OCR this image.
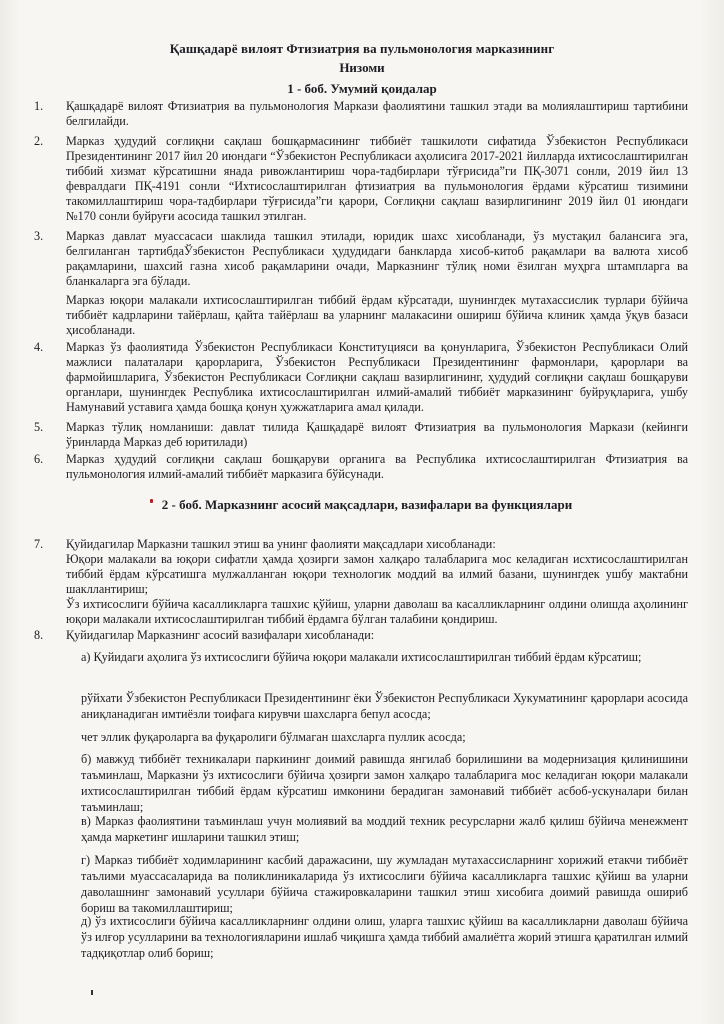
Қашқадарё вилоят Фтизиатрия ва пульмонология марказининг
Низоми
1 - боб. Умумий қоидалар
1. Қашқадарё вилоят Фтизиатрия ва пульмонология Маркази фаолиятини ташкил этади ва молиялаштириш тартибини белгилайди.
2. Марказ ҳудудий соғлиқни сақлаш бошқармасининг тиббиёт ташкилоти сифатида Ўзбекистон Республикаси Президентининг 2017 йил 20 июндаги “Ўзбекистон Республикаси аҳолисига 2017-2021 йилларда ихтисослаштирилган тиббий хизмат кўрсатишни янада ривожлантириш чора-тадбирлари тўғрисида”ги ПҚ-3071 сонли, 2019 йил 13 февралдаги ПҚ-4191 сонли “Ихтисослаштирилган фтизиатрия ва пульмонология ёрдами кўрсатиш тизимини такомиллаштириш чора-тадбирлари тўғрисида”ги қарори, Соғлиқни сақлаш вазирлигининг 2019 йил 01 июндаги №170 сонли буйруғи асосида ташкил этилган.
3. Марказ давлат муассасаси шаклида ташкил этилади, юридик шахс хисобланади, ўз мустақил балансига эга, белгиланган тартибдаЎзбекистон Республикаси ҳудудидаги банкларда хисоб-китоб рақамлари ва валюта хисоб рақамларини, шахсий газна хисоб рақамларини очади, Марказнинг тўлиқ номи ёзилган муҳрга штампларга ва бланкаларга эга бўлади.
Марказ юқори малакали ихтисослаштирилган тиббий ёрдам кўрсатади, шунингдек мутахассислик турлари бўйича тиббиёт кадрларини тайёрлаш, қайта тайёрлаш ва уларнинг малакасини ошириш бўйича клиник ҳамда ўқув базаси ҳисобланади.
4. Марказ ўз фаолиятида Ўзбекистон Республикаси Конституцияси ва қонунларига, Ўзбекистон Республикаси Олий мажлиси палаталари қарорларига, Ўзбекистон Республикаси Президентининг фармонлари, қарорлари ва фармойишларига, Ўзбекистон Республикаси Соғлиқни сақлаш вазирлигининг, ҳудудий соғлиқни сақлаш бошқаруви органлари, шунингдек Республика ихтисослаштирилган илмий-амалий тиббиёт марказининг буйруқларига, ушбу Намунавий уставига ҳамда бошқа қонун ҳужжатларига амал қилади.
5. Марказ тўлиқ номланиши: давлат тилида Қашқадарё вилоят Фтизиатрия ва пульмонология Маркази (кейинги ўринларда Марказ деб юритилади)
6. Марказ ҳудудий соғлиқни сақлаш бошқаруви органига ва Республика ихтисослаштирилган Фтизиатрия ва пульмонология илмий-амалий тиббиёт марказига бўйсунади.
2 - боб. Марказнинг асосий мақсадлари, вазифалари ва функциялари
7. Қуйидагилар Марказни ташкил этиш ва унинг фаолияти мақсадлари хисобланади:
Юқори малакали ва юқори сифатли ҳамда ҳозирги замон халқаро талабларига мос келадиган исхтисослаштирилган тиббий ёрдам кўрсатишга мулжалланган юқори технологик моддий ва илмий базани, шунингдек ушбу мактабни шакллантириш;
Ўз ихтисослиги бўйича касалликларга ташхис қўйиш, уларни даволаш ва касалликларнинг олдини олишда аҳолининг юқори малакали ихтисослаштирилган тиббий ёрдамга бўлган талабини қондириш.
8. Қуйидагилар Марказнинг асосий вазифалари хисобланади:
а) Қуйидаги аҳолига ўз ихтисослиги бўйича юқори малакали ихтисослаштирилган тиббий ёрдам кўрсатиш;
рўйхати Ўзбекистон Республикаси Президентининг ёки Ўзбекистон Республикаси Хукуматининг қарорлари асосида аниқланадиган имтиёзли тоифага кирувчи шахсларга бепул асосда;
чет эллик фуқароларга ва фуқаролиги бўлмаган шахсларга пуллик асосда;
б) мавжуд тиббиёт техникалари паркининг доимий равишда янгилаб борилишини ва модернизация қилинишини таъминлаш, Марказни ўз ихтисослиги бўйича ҳозирги замон халқаро талабларига мос келадиган юқори малакали ихтисослаштирилган тиббий ёрдам кўрсатиш имконини берадиган замонавий тиббиёт асбоб-ускуналари билан таъминлаш;
в) Марказ фаолиятини таъминлаш учун молиявий ва моддий техник ресурсларни жалб қилиш бўйича менежмент ҳамда маркетинг ишларини ташкил этиш;
г) Марказ тиббиёт ходимларининг касбий даражасини, шу жумладан мутахассисларнинг хорижий етакчи тиббиёт таълими муассасаларида ва поликлиникаларида ўз ихтисослиги бўйича касалликларга ташхис қўйиш ва уларни даволашнинг замонавий усуллари бўйича стажировкаларини ташкил этиш хисобига доимий равишда ошириб бориш ва такомиллаштириш;
д) ўз ихтисослиги бўйича касалликларнинг олдини олиш, уларга ташхис қўйиш ва касалликларни даволаш бўйича ўз илғор усулларини ва технологияларини ишлаб чиқишга ҳамда тиббий амалиётга жорий этишга қаратилган илмий тадқиқотлар олиб бориш;
